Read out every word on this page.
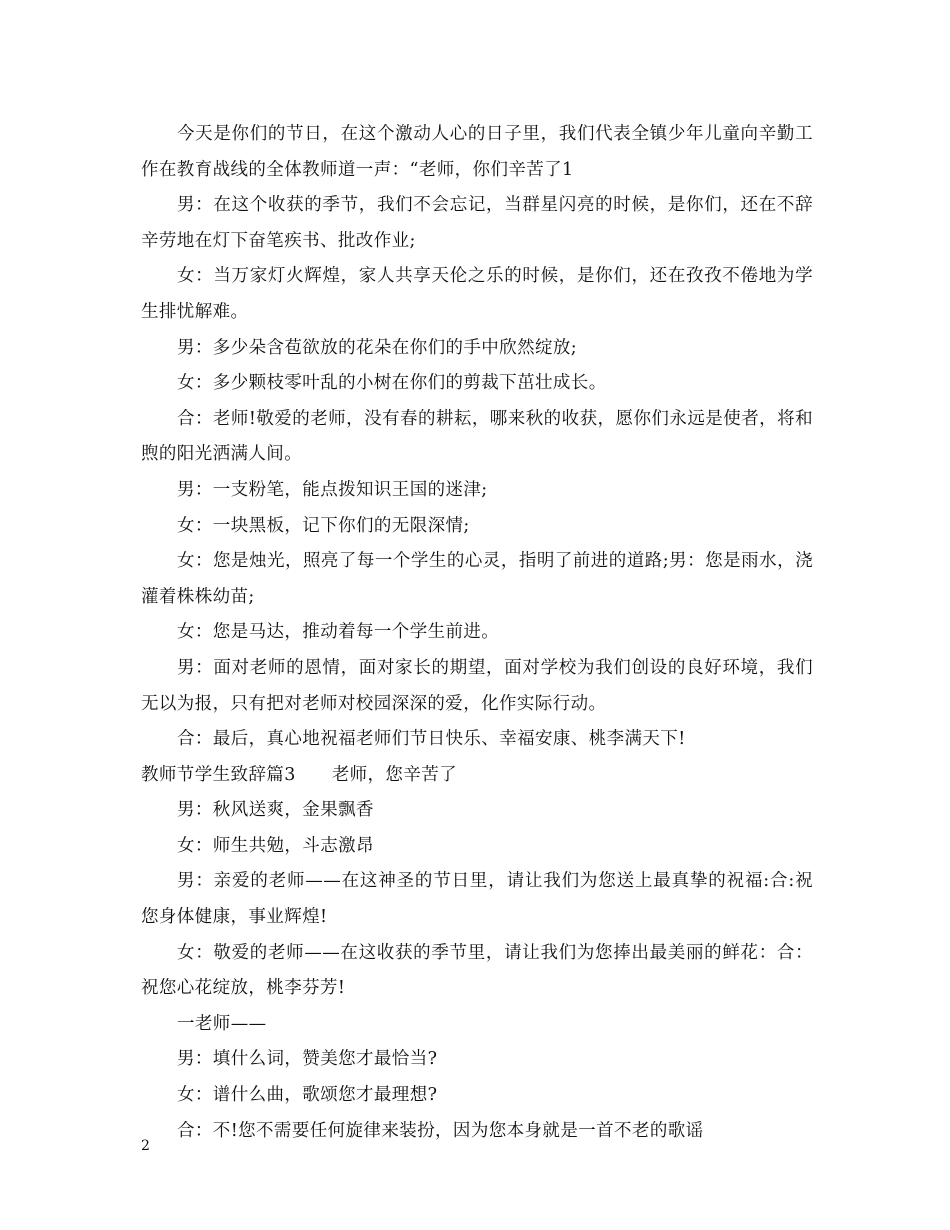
今天是你们的节日，在这个激动人心的日子里，我们代表全镇少年儿童向辛勤工作在教育战线的全体教师道一声：“老师，你们辛苦了1

男：在这个收获的季节，我们不会忘记，当群星闪亮的时候，是你们，还在不辞辛劳地在灯下奋笔疾书、批改作业;

女：当万家灯火辉煌，家人共享天伦之乐的时候，是你们，还在孜孜不倦地为学生排忧解难。

男：多少朵含苞欲放的花朵在你们的手中欣然绽放;

女：多少颗枝零叶乱的小树在你们的剪裁下茁壮成长。

合：老师!敬爱的老师，没有春的耕耘，哪来秋的收获，愿你们永远是使者，将和煦的阳光洒满人间。

男：一支粉笔，能点拨知识王国的迷津;

女：一块黑板，记下你们的无限深情;

女：您是烛光，照亮了每一个学生的心灵，指明了前进的道路;男：您是雨水，浇灌着株株幼苗;

女：您是马达，推动着每一个学生前进。

男：面对老师的恩情，面对家长的期望，面对学校为我们创设的良好环境，我们无以为报，只有把对老师对校园深深的爱，化作实际行动。

合：最后，真心地祝福老师们节日快乐、幸福安康、桃李满天下!

教师节学生致辞篇3 老师，您辛苦了

男：秋风送爽，金果飘香

女：师生共勉，斗志激昂

男：亲爱的老师——在这神圣的节日里，请让我们为您送上最真挚的祝福:合:祝您身体健康，事业辉煌!

女：敬爱的老师——在这收获的季节里，请让我们为您捧出最美丽的鲜花：合：祝您心花绽放，桃李芬芳!

一老师——

男：填什么词，赞美您才最恰当?

女：谱什么曲，歌颂您才最理想?

合：不!您不需要任何旋律来装扮，因为您本身就是一首不老的歌谣

2
